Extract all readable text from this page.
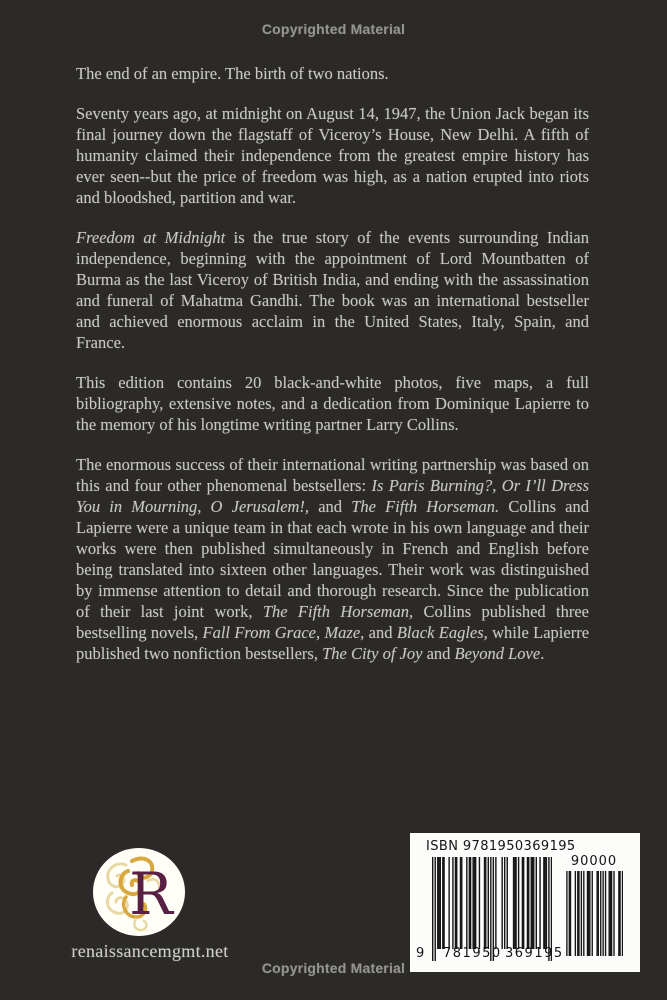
Copyrighted Material

The end of an empire. The birth of two nations.

Seventy years ago, at midnight on August 14, 1947, the Union Jack began its final journey down the flagstaff of Viceroy’s House, New Delhi. A fifth of humanity claimed their independence from the greatest empire history has ever seen--but the price of freedom was high, as a nation erupted into riots and bloodshed, partition and war.

Freedom at Midnight is the true story of the events surrounding Indian independence, beginning with the appointment of Lord Mountbatten of Burma as the last Viceroy of British India, and ending with the assassination and funeral of Mahatma Gandhi. The book was an international bestseller and achieved enormous acclaim in the United States, Italy, Spain, and France.

This edition contains 20 black-and-white photos, five maps, a full bibliography, extensive notes, and a dedication from Dominique Lapierre to the memory of his longtime writing partner Larry Collins.

The enormous success of their international writing partnership was based on this and four other phenomenal bestsellers: Is Paris Burning?, Or I’ll Dress You in Mourning, O Jerusalem!, and The Fifth Horseman. Collins and Lapierre were a unique team in that each wrote in his own language and their works were then published simultaneously in French and English before being translated into sixteen other languages. Their work was distinguished by immense attention to detail and thorough research. Since the publication of their last joint work, The Fifth Horseman, Collins published three bestselling novels, Fall From Grace, Maze, and Black Eagles, while Lapierre published two nonfiction bestsellers, The City of Joy and Beyond Love.

R
renaissancemgmt.net
ISBN 9781950369195
9 781950 369195
90000
Copyrighted Material
